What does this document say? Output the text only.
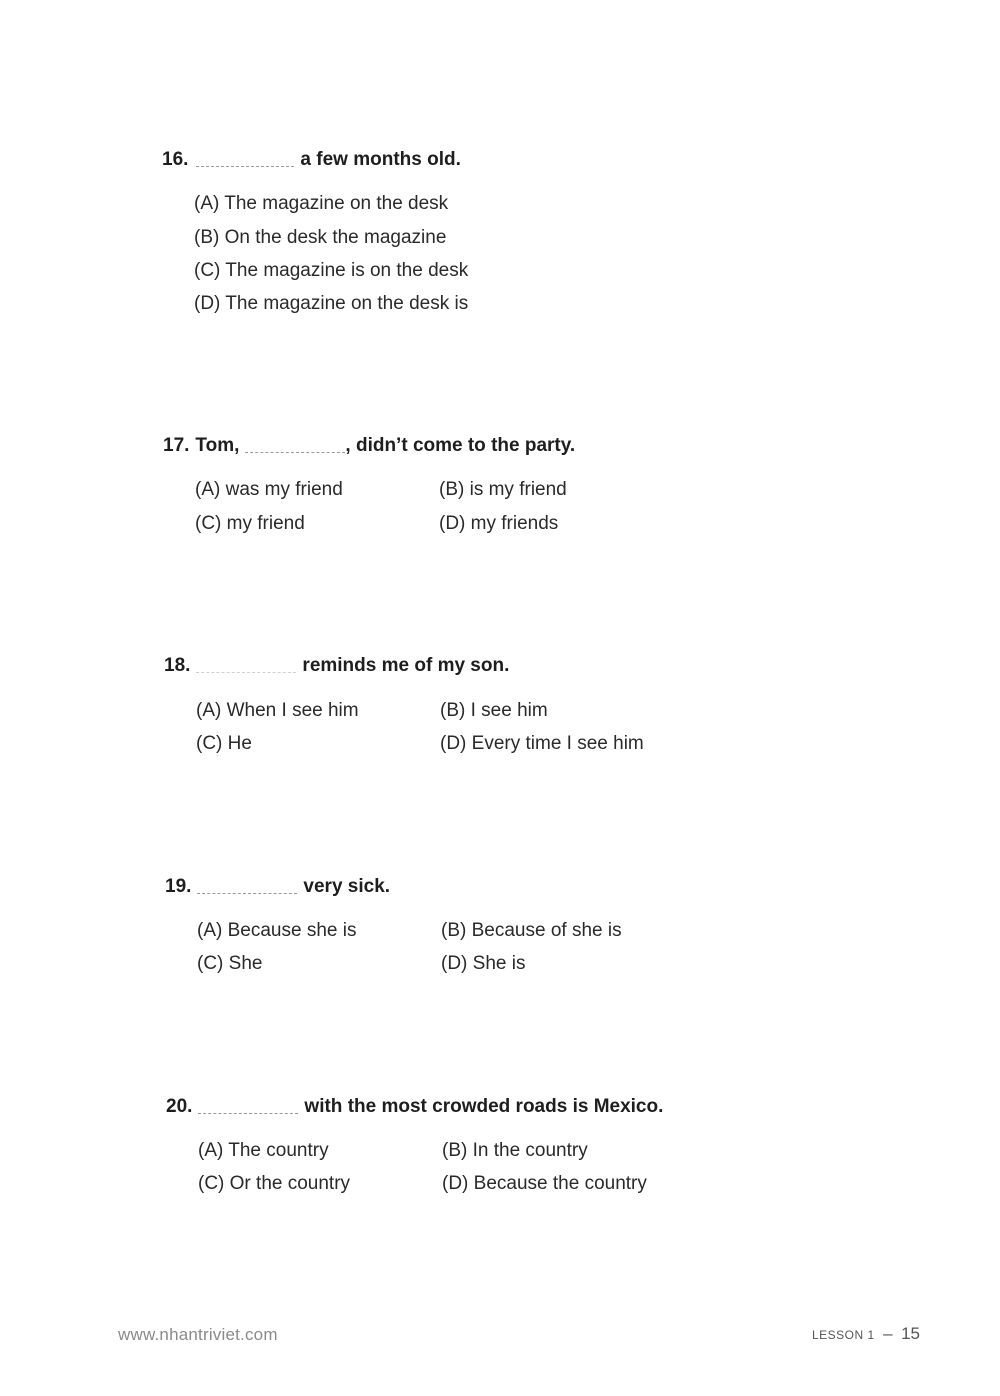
16.	a few months old.
(A) The magazine on the desk
(B) On the desk the magazine
(C) The magazine is on the desk
(D) The magazine on the desk is
17. Tom,	, didn’t come to the party.
(A) was my friend	(B) is my friend
(C) my friend	(D) my friends
18.	reminds me of my son.
(A) When I see him	(B) I see him
(C) He	(D) Every time I see him
19.	very sick.
(A) Because she is	(B) Because of she is
(C) She	(D) She is
20.	with the most crowded roads is Mexico.
(A) The country	(B) In the country
(C) Or the country	(D) Because the country
www.nhantriviet.com	LESSON 1 – 15
